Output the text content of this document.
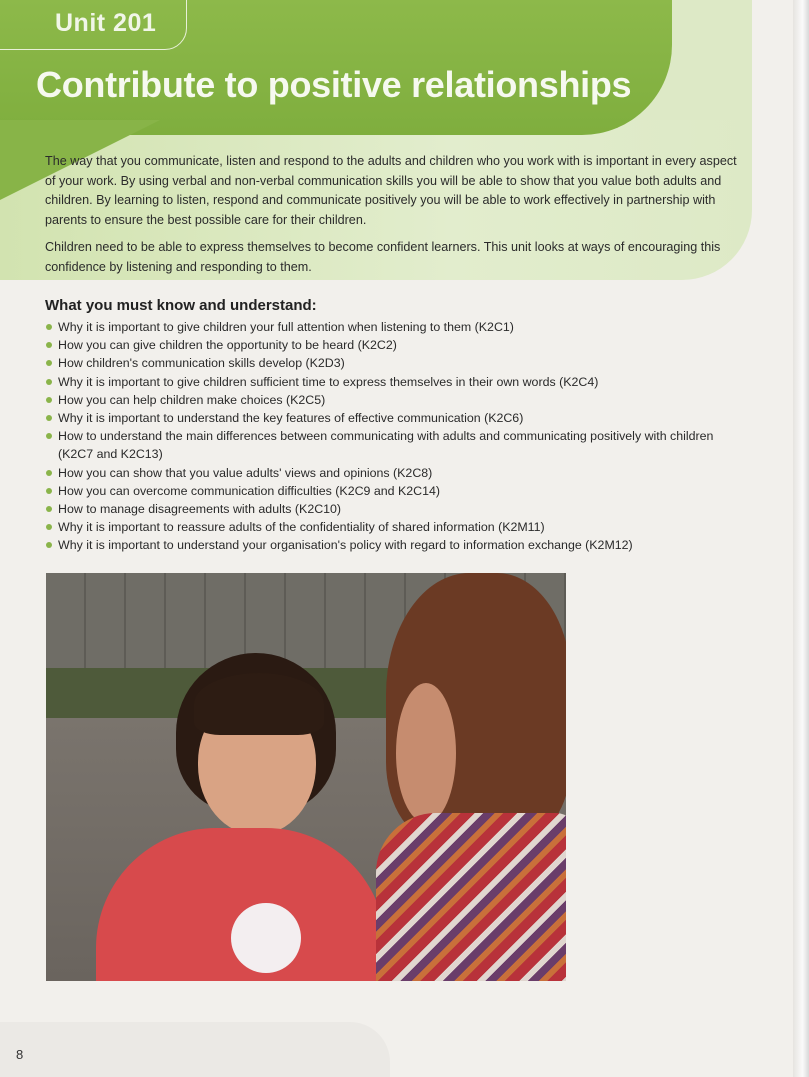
Unit 201
Contribute to positive relationships

The way that you communicate, listen and respond to the adults and children who you work with is important in every aspect of your work. By using verbal and non-verbal communication skills you will be able to show that you value both adults and children. By learning to listen, respond and communicate positively you will be able to work effectively in partnership with parents to ensure the best possible care for their children.

Children need to be able to express themselves to become confident learners. This unit looks at ways of encouraging this confidence by listening and responding to them.

What you must know and understand:
Why it is important to give children your full attention when listening to them (K2C1)
How you can give children the opportunity to be heard (K2C2)
How children's communication skills develop (K2D3)
Why it is important to give children sufficient time to express themselves in their own words (K2C4)
How you can help children make choices (K2C5)
Why it is important to understand the key features of effective communication (K2C6)
How to understand the main differences between communicating with adults and communicating positively with children (K2C7 and K2C13)
How you can show that you value adults' views and opinions (K2C8)
How you can overcome communication difficulties (K2C9 and K2C14)
How to manage disagreements with adults (K2C10)
Why it is important to reassure adults of the confidentiality of shared information (K2M11)
Why it is important to understand your organisation's policy with regard to information exchange (K2M12)
8
